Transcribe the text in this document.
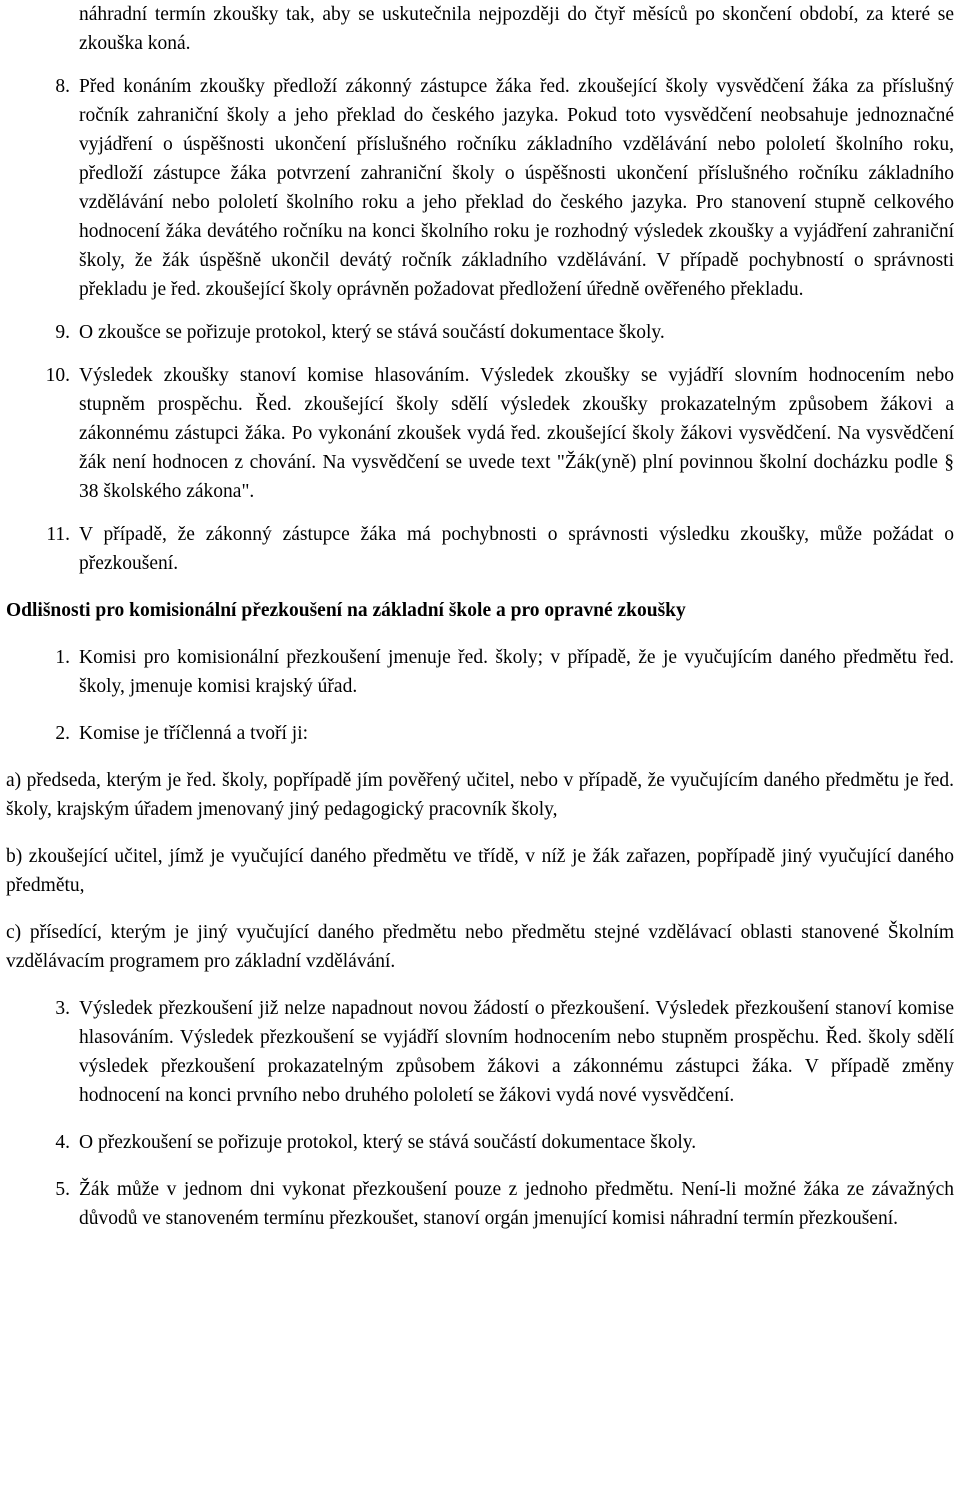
náhradní termín zkoušky tak, aby se uskutečnila nejpozději do čtyř měsíců po skončení období, za které se zkouška koná.

8. Před konáním zkoušky předloží zákonný zástupce žáka řed. zkoušející školy vysvědčení žáka za příslušný ročník zahraniční školy a jeho překlad do českého jazyka. Pokud toto vysvědčení neobsahuje jednoznačné vyjádření o úspěšnosti ukončení příslušného ročníku základního vzdělávání nebo pololetí školního roku, předloží zástupce žáka potvrzení zahraniční školy o úspěšnosti ukončení příslušného ročníku základního vzdělávání nebo pololetí školního roku a jeho překlad do českého jazyka. Pro stanovení stupně celkového hodnocení žáka devátého ročníku na konci školního roku je rozhodný výsledek zkoušky a vyjádření zahraniční školy, že žák úspěšně ukončil devátý ročník základního vzdělávání. V případě pochybností o správnosti překladu je řed. zkoušející školy oprávněn požadovat předložení úředně ověřeného překladu.

9. O zkoušce se pořizuje protokol, který se stává součástí dokumentace školy.

10. Výsledek zkoušky stanoví komise hlasováním. Výsledek zkoušky se vyjádří slovním hodnocením nebo stupněm prospěchu. Řed. zkoušející školy sdělí výsledek zkoušky prokazatelným způsobem žákovi a zákonnému zástupci žáka. Po vykonání zkoušek vydá řed. zkoušející školy žákovi vysvědčení. Na vysvědčení žák není hodnocen z chování. Na vysvědčení se uvede text "Žák(yně) plní povinnou školní docházku podle § 38 školského zákona".

11. V případě, že zákonný zástupce žáka má pochybnosti o správnosti výsledku zkoušky, může požádat o přezkoušení.

Odlišnosti pro komisionální přezkoušení na základní škole a pro opravné zkoušky

1. Komisi pro komisionální přezkoušení jmenuje řed. školy; v případě, že je vyučujícím daného předmětu řed. školy, jmenuje komisi krajský úřad.

2. Komise je tříčlenná a tvoří ji:

a) předseda, kterým je řed. školy, popřípadě jím pověřený učitel, nebo v případě, že vyučujícím daného předmětu je řed. školy, krajským úřadem jmenovaný jiný pedagogický pracovník školy,

b) zkoušející učitel, jímž je vyučující daného předmětu ve třídě, v níž je žák zařazen, popřípadě jiný vyučující daného předmětu,

c) přísedící, kterým je jiný vyučující daného předmětu nebo předmětu stejné vzdělávací oblasti stanovené Školním vzdělávacím programem pro základní vzdělávání.

3. Výsledek přezkoušení již nelze napadnout novou žádostí o přezkoušení. Výsledek přezkoušení stanoví komise hlasováním. Výsledek přezkoušení se vyjádří slovním hodnocením nebo stupněm prospěchu. Řed. školy sdělí výsledek přezkoušení prokazatelným způsobem žákovi a zákonnému zástupci žáka. V případě změny hodnocení na konci prvního nebo druhého pololetí se žákovi vydá nové vysvědčení.

4. O přezkoušení se pořizuje protokol, který se stává součástí dokumentace školy.

5. Žák může v jednom dni vykonat přezkoušení pouze z jednoho předmětu. Není-li možné žáka ze závažných důvodů ve stanoveném termínu přezkoušet, stanoví orgán jmenující komisi náhradní termín přezkoušení.
